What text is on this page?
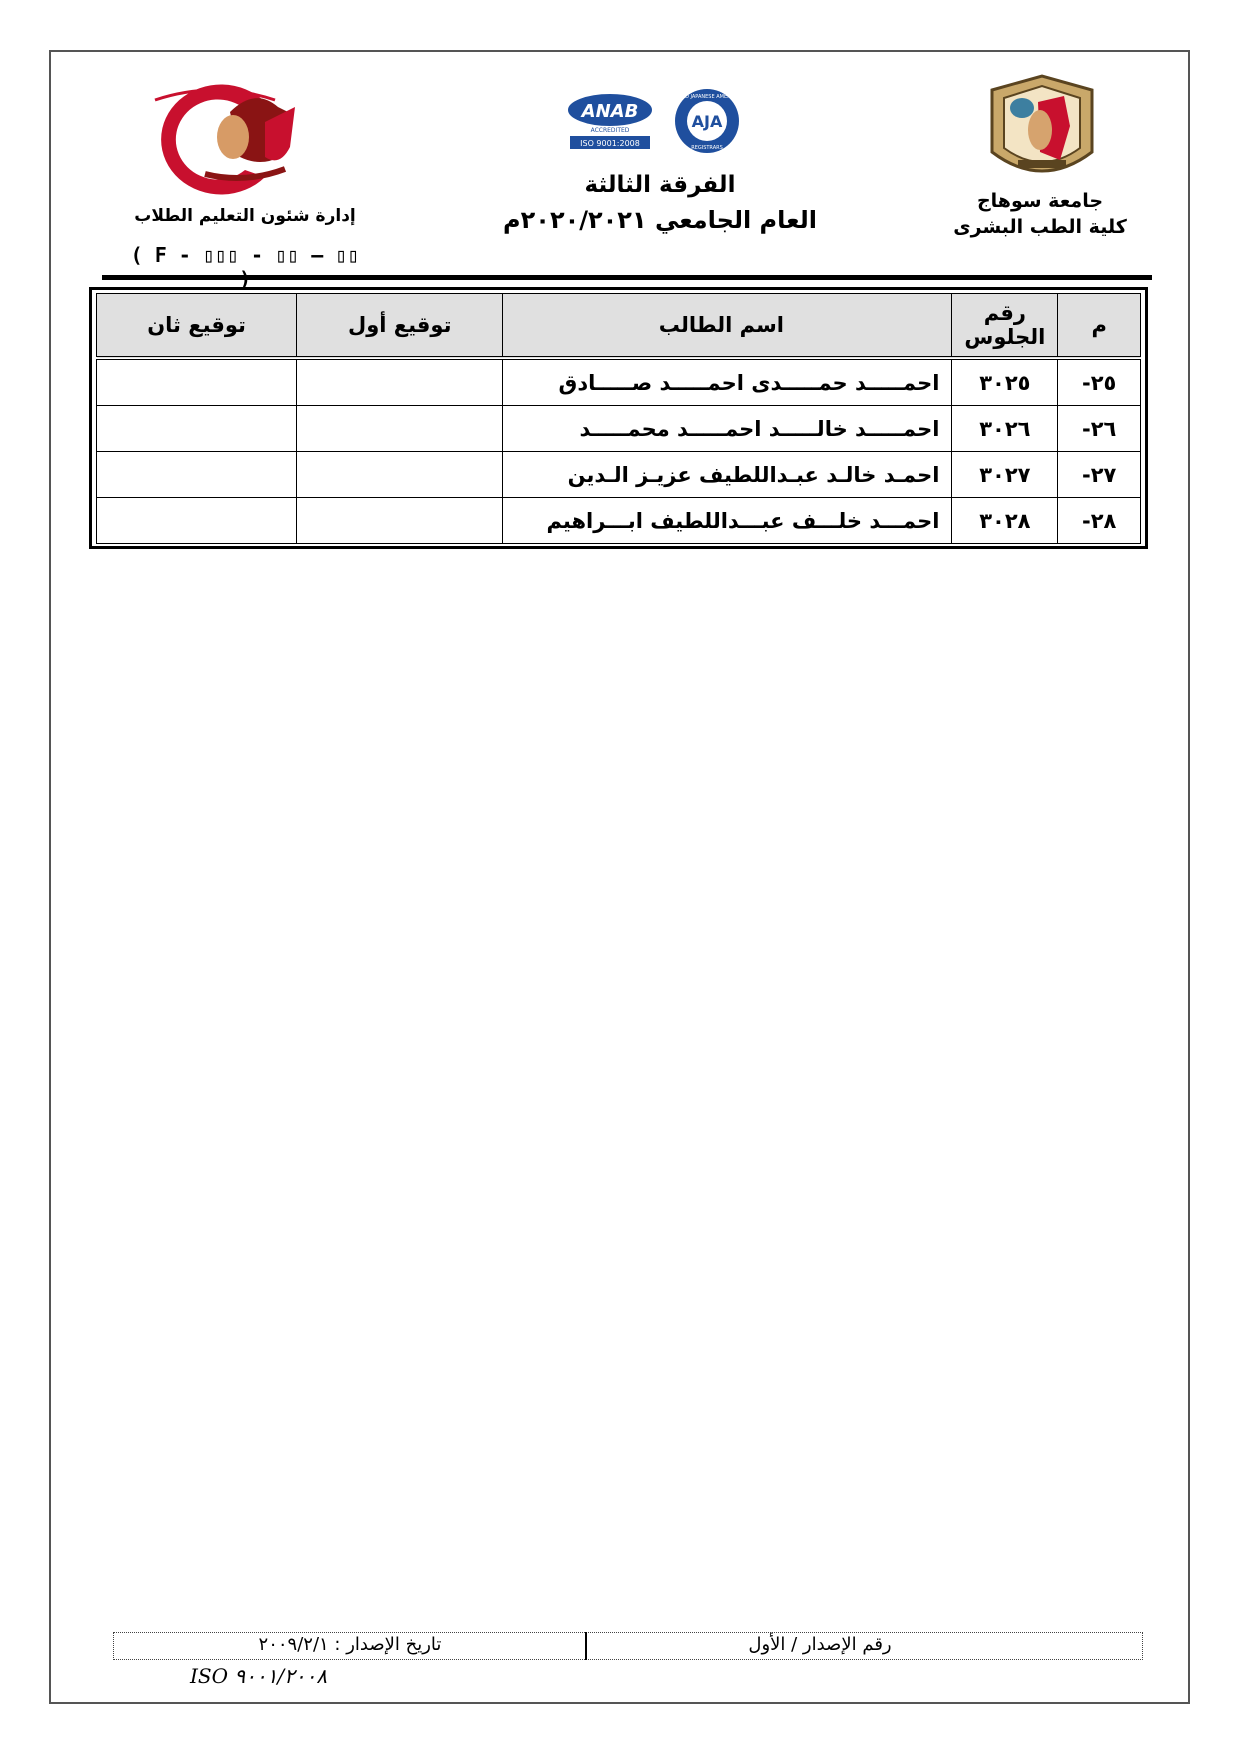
ANAB
ACCREDITED
ISO 9001:2008
ANGLO JAPANESE AMERICAN
REGISTRARS
AJA
جامعة سوهاج
كلية الطب البشرى
الفرقة الثالثة
العام الجامعي ٢٠٢٠/٢٠٢١م
إدارة شئون التعليم الطلاب
( F - ▯▯▯ - ▯▯ – ▯▯
م	رقم الجلوس	اسم الطالب	توقيع أول	توقيع ثان
٢٥-	٣٠٢٥	احمـــــد حمـــــدى احمـــــد صـــــادق		
٢٦-	٣٠٢٦	احمـــــد خالـــــد احمـــــد محمـــــد		
٢٧-	٣٠٢٧	احمـد خالـد عبـداللطيف عزيـز الـدين		
٢٨-	٣٠٢٨	احمـــد خلـــف عبـــداللطيف ابـــراهيم		
رقم الإصدار / الأول
تاريخ الإصدار : ٢٠٠٩/٢/١
ISO ٩٠٠١/٢٠٠٨
